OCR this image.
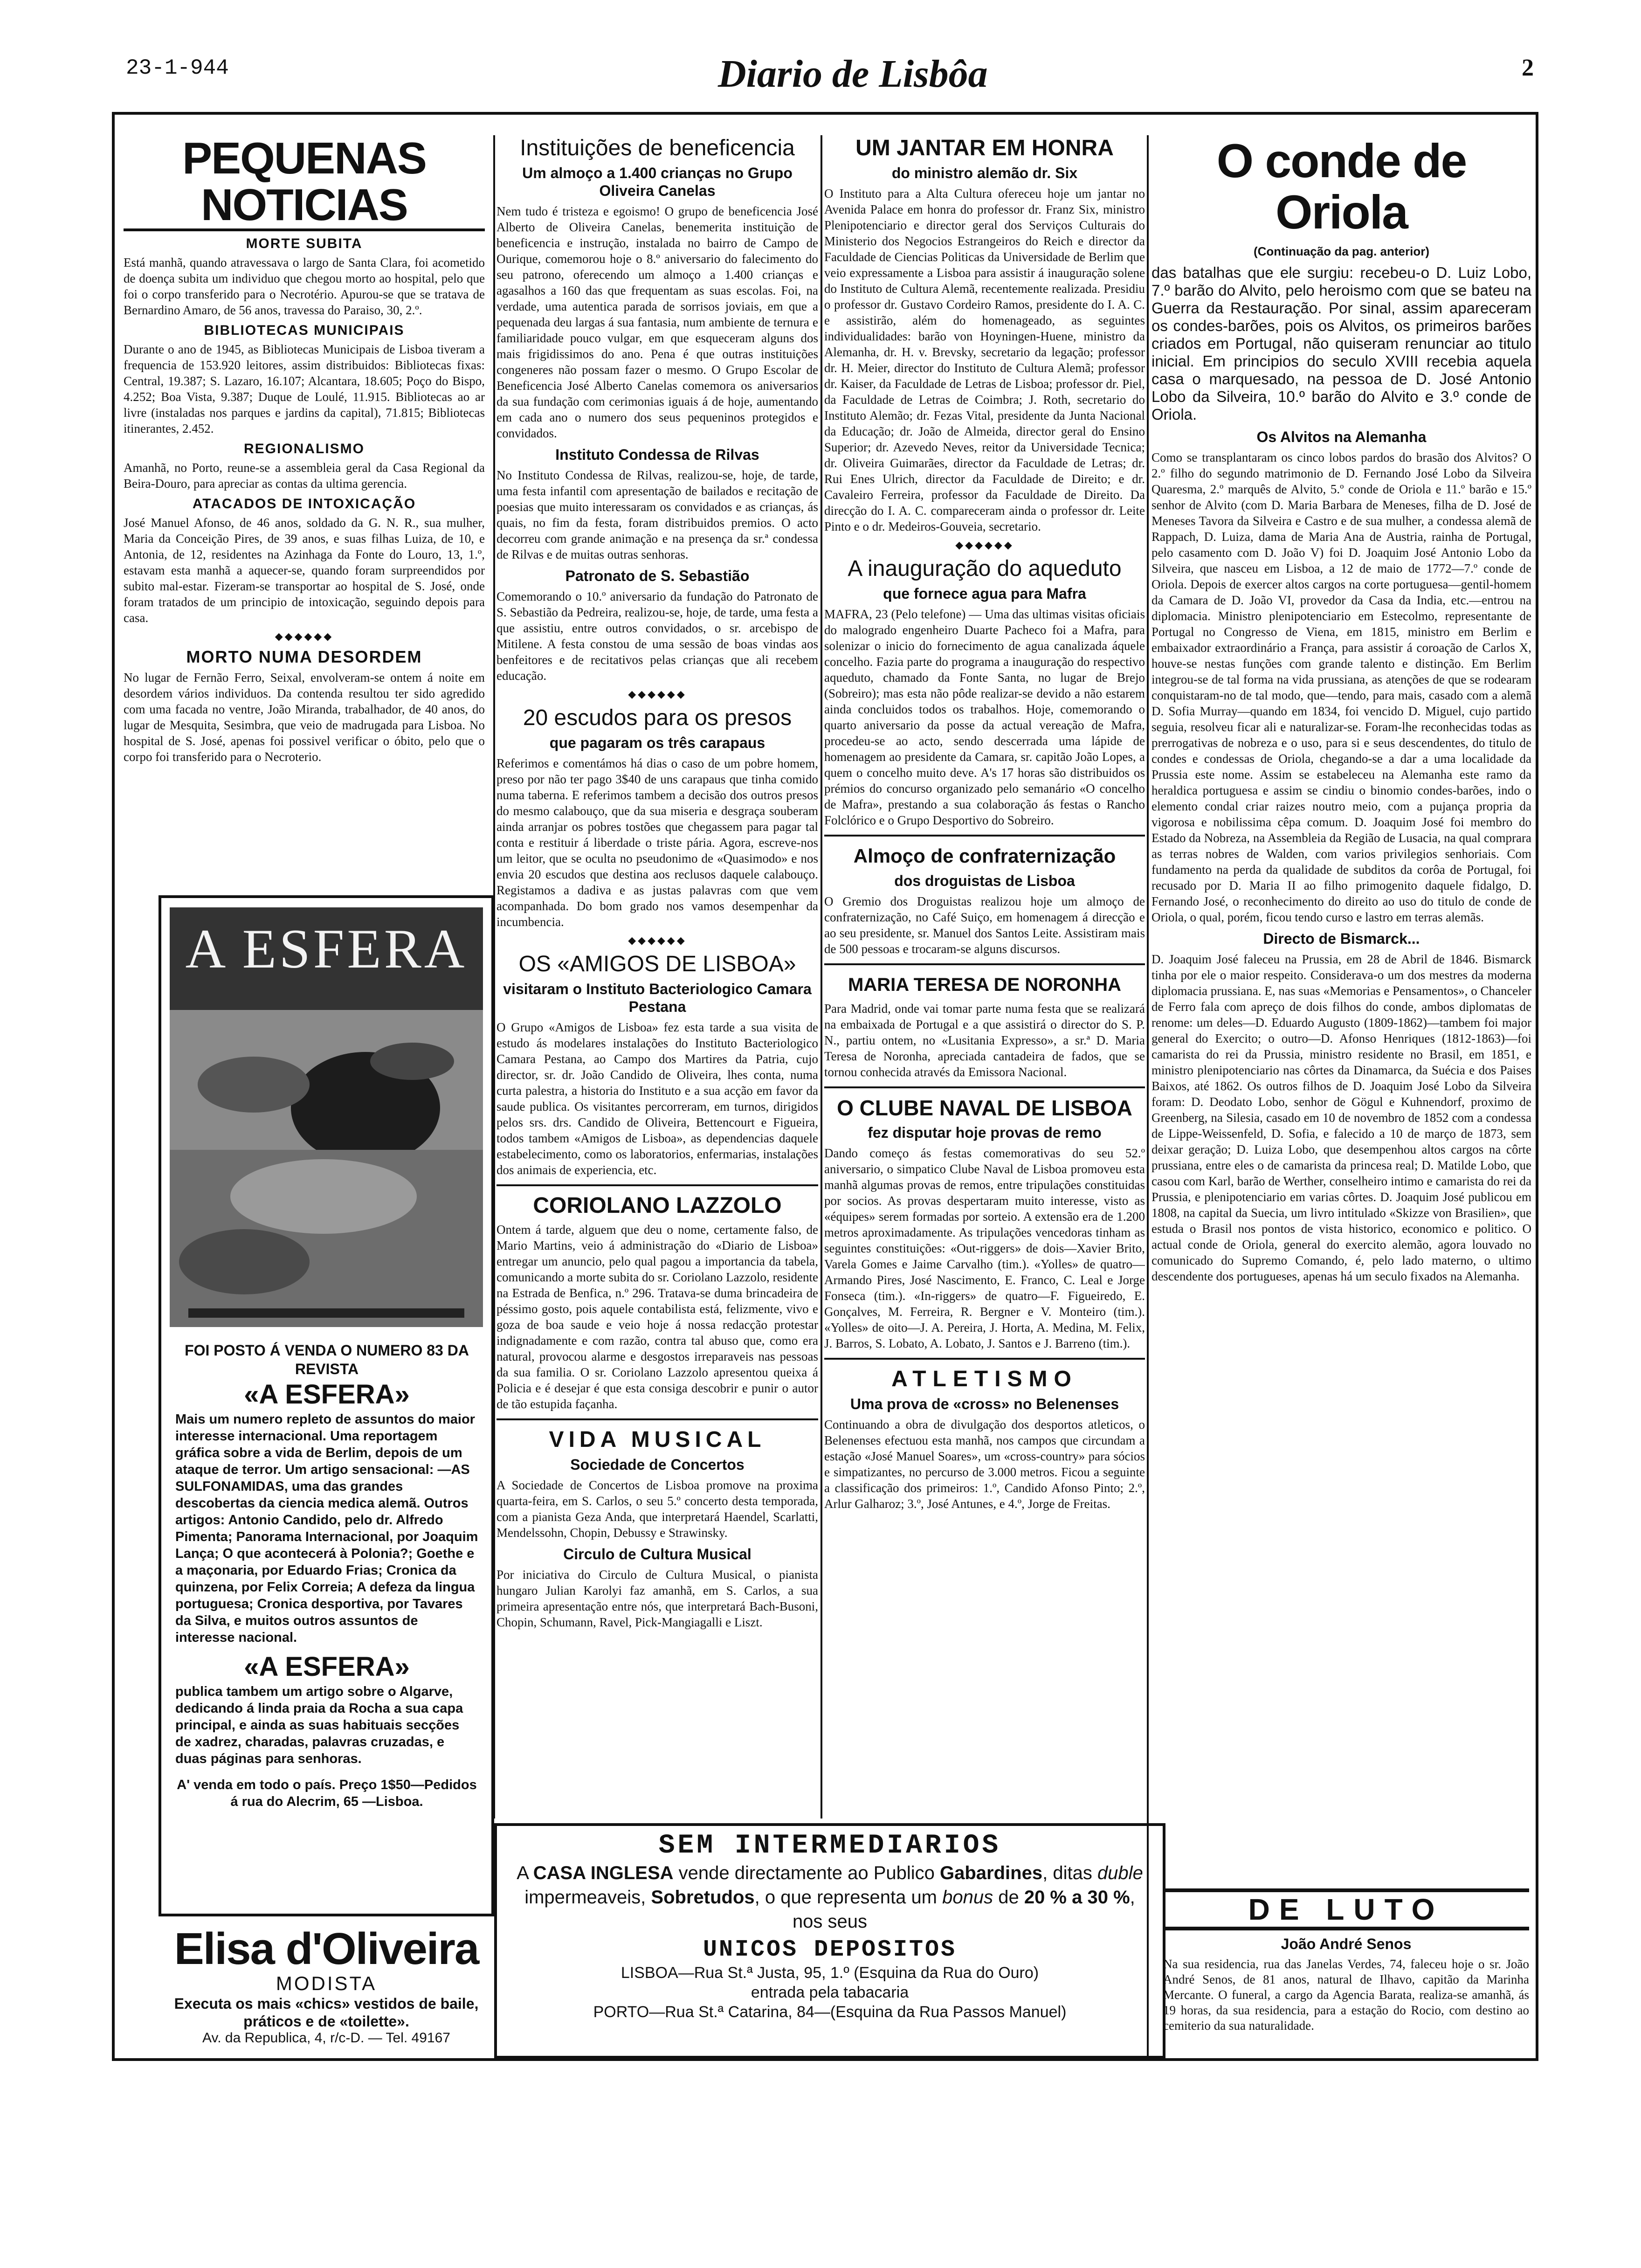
23-1-944	Diario de Lisbôa	2
PEQUENAS NOTICIAS
MORTE SUBITA

Está manhã, quando atravessava o largo de Santa Clara, foi acometido de doença subita um individuo que chegou morto ao hospital, pelo que foi o corpo transferido para o Necrotério. Apurou-se que se tratava de Bernardino Amaro, de 56 anos, travessa do Paraiso, 30, 2.º.

BIBLIOTECAS MUNICIPAIS

Durante o ano de 1945, as Bibliotecas Municipais de Lisboa tiveram a frequencia de 153.920 leitores, assim distribuidos: Bibliotecas fixas: Central, 19.387; S. Lazaro, 16.107; Alcantara, 18.605; Poço do Bispo, 4.252; Boa Vista, 9.387; Duque de Loulé, 11.915. Bibliotecas ao ar livre (instaladas nos parques e jardins da capital), 71.815; Bibliotecas itinerantes, 2.452.

REGIONALISMO

Amanhã, no Porto, reune-se a assembleia geral da Casa Regional da Beira-Douro, para apreciar as contas da ultima gerencia.

ATACADOS DE INTOXICAÇÃO

José Manuel Afonso, de 46 anos, soldado da G. N. R., sua mulher, Maria da Conceição Pires, de 39 anos, e suas filhas Luiza, de 10, e Antonia, de 12, residentes na Azinhaga da Fonte do Louro, 13, 1.º, estavam esta manhã a aquecer-se, quando foram surpreendidos por subito mal-estar. Fizeram-se transportar ao hospital de S. José, onde foram tratados de um principio de intoxicação, seguindo depois para casa.

◆◆◆◆◆◆
MORTO NUMA DESORDEM

No lugar de Fernão Ferro, Seixal, envolveram-se ontem á noite em desordem vários individuos. Da contenda resultou ter sido agredido com uma facada no ventre, João Miranda, trabalhador, de 40 anos, do lugar de Mesquita, Sesimbra, que veio de madrugada para Lisboa. No hospital de S. José, apenas foi possivel verificar o óbito, pelo que o corpo foi transferido para o Necroterio.

A ESFERA
FOI POSTO Á VENDA O NUMERO 83 DA REVISTA
«A ESFERA»
Mais um numero repleto de assuntos do maior interesse internacional. Uma reportagem gráfica sobre a vida de Berlim, depois de um ataque de terror. Um artigo sensacional: —AS SULFONAMIDAS, uma das grandes descobertas da ciencia medica alemã. Outros artigos: Antonio Candido, pelo dr. Alfredo Pimenta; Panorama Internacional, por Joaquim Lança; O que acontecerá à Polonia?; Goethe e a maçonaria, por Eduardo Frias; Cronica da quinzena, por Felix Correia; A defeza da lingua portuguesa; Cronica desportiva, por Tavares da Silva, e muitos outros assuntos de interesse nacional.
«A ESFERA»
publica tambem um artigo sobre o Algarve, dedicando á linda praia da Rocha a sua capa principal, e ainda as suas habituais secções de xadrez, charadas, palavras cruzadas, e duas páginas para senhoras.
A' venda em todo o país. Preço 1$50—Pedidos á rua do Alecrim, 65 —Lisboa.
Elisa d'Oliveira
MODISTA
Executa os mais «chics» vestidos de baile, práticos e de «toilette».
Av. da Republica, 4, r/c-D. — Tel. 49167
Instituições de beneficencia
Um almoço a 1.400 crianças no Grupo Oliveira Canelas

Nem tudo é tristeza e egoismo! O grupo de beneficencia José Alberto de Oliveira Canelas, benemerita instituição de beneficencia e instrução, instalada no bairro de Campo de Ourique, comemorou hoje o 8.º aniversario do falecimento do seu patrono, oferecendo um almoço a 1.400 crianças e agasalhos a 160 das que frequentam as suas escolas. Foi, na verdade, uma autentica parada de sorrisos joviais, em que a pequenada deu largas á sua fantasia, num ambiente de ternura e familiaridade pouco vulgar, em que esqueceram alguns dos mais frigidissimos do ano. Pena é que outras instituições congeneres não possam fazer o mesmo. O Grupo Escolar de Beneficencia José Alberto Canelas comemora os aniversarios da sua fundação com cerimonias iguais á de hoje, aumentando em cada ano o numero dos seus pequeninos protegidos e convidados.

Instituto Condessa de Rilvas

No Instituto Condessa de Rilvas, realizou-se, hoje, de tarde, uma festa infantil com apresentação de bailados e recitação de poesias que muito interessaram os convidados e as crianças, ás quais, no fim da festa, foram distribuidos premios. O acto decorreu com grande animação e na presença da sr.ª condessa de Rilvas e de muitas outras senhoras.

Patronato de S. Sebastião

Comemorando o 10.º aniversario da fundação do Patronato de S. Sebastião da Pedreira, realizou-se, hoje, de tarde, uma festa a que assistiu, entre outros convidados, o sr. arcebispo de Mitilene. A festa constou de uma sessão de boas vindas aos benfeitores e de recitativos pelas crianças que ali recebem educação.

◆◆◆◆◆◆
20 escudos para os presos
que pagaram os três carapaus

Referimos e comentámos há dias o caso de um pobre homem, preso por não ter pago 3$40 de uns carapaus que tinha comido numa taberna. E referimos tambem a decisão dos outros presos do mesmo calabouço, que da sua miseria e desgraça souberam ainda arranjar os pobres tostões que chegassem para pagar tal conta e restituir á liberdade o triste pária. Agora, escreve-nos um leitor, que se oculta no pseudonimo de «Quasimodo» e nos envia 20 escudos que destina aos reclusos daquele calabouço. Registamos a dadiva e as justas palavras com que vem acompanhada. Do bom grado nos vamos desempenhar da incumbencia.

◆◆◆◆◆◆
OS «AMIGOS DE LISBOA»
visitaram o Instituto Bacteriologico Camara Pestana

O Grupo «Amigos de Lisboa» fez esta tarde a sua visita de estudo ás modelares instalações do Instituto Bacteriologico Camara Pestana, ao Campo dos Martires da Patria, cujo director, sr. dr. João Candido de Oliveira, lhes conta, numa curta palestra, a historia do Instituto e a sua acção em favor da saude publica. Os visitantes percorreram, em turnos, dirigidos pelos srs. drs. Candido de Oliveira, Bettencourt e Figueira, todos tambem «Amigos de Lisboa», as dependencias daquele estabelecimento, como os laboratorios, enfermarias, instalações dos animais de experiencia, etc.

CORIOLANO LAZZOLO

Ontem á tarde, alguem que deu o nome, certamente falso, de Mario Martins, veio á administração do «Diario de Lisboa» entregar um anuncio, pelo qual pagou a importancia da tabela, comunicando a morte subita do sr. Coriolano Lazzolo, residente na Estrada de Benfica, n.º 296. Tratava-se duma brincadeira de péssimo gosto, pois aquele contabilista está, felizmente, vivo e goza de boa saude e veio hoje á nossa redacção protestar indignadamente e com razão, contra tal abuso que, como era natural, provocou alarme e desgostos irreparaveis nas pessoas da sua familia. O sr. Coriolano Lazzolo apresentou queixa á Policia e é desejar é que esta consiga descobrir e punir o autor de tão estupida façanha.

VIDA MUSICAL
Sociedade de Concertos

A Sociedade de Concertos de Lisboa promove na proxima quarta-feira, em S. Carlos, o seu 5.º concerto desta temporada, com a pianista Geza Anda, que interpretará Haendel, Scarlatti, Mendelssohn, Chopin, Debussy e Strawinsky.

Circulo de Cultura Musical

Por iniciativa do Circulo de Cultura Musical, o pianista hungaro Julian Karolyi faz amanhã, em S. Carlos, a sua primeira apresentação entre nós, que interpretará Bach-Busoni, Chopin, Schumann, Ravel, Pick-Mangiagalli e Liszt.

UM JANTAR EM HONRA
do ministro alemão dr. Six

O Instituto para a Alta Cultura ofereceu hoje um jantar no Avenida Palace em honra do professor dr. Franz Six, ministro Plenipotenciario e director geral dos Serviços Culturais do Ministerio dos Negocios Estrangeiros do Reich e director da Faculdade de Ciencias Politicas da Universidade de Berlim que veio expressamente a Lisboa para assistir á inauguração solene do Instituto de Cultura Alemã, recentemente realizada. Presidiu o professor dr. Gustavo Cordeiro Ramos, presidente do I. A. C. e assistirão, além do homenageado, as seguintes individualidades: barão von Hoyningen-Huene, ministro da Alemanha, dr. H. v. Brevsky, secretario da legação; professor dr. H. Meier, director do Instituto de Cultura Alemã; professor dr. Kaiser, da Faculdade de Letras de Lisboa; professor dr. Piel, da Faculdade de Letras de Coimbra; J. Roth, secretario do Instituto Alemão; dr. Fezas Vital, presidente da Junta Nacional da Educação; dr. João de Almeida, director geral do Ensino Superior; dr. Azevedo Neves, reitor da Universidade Tecnica; dr. Oliveira Guimarães, director da Faculdade de Letras; dr. Rui Enes Ulrich, director da Faculdade de Direito; e dr. Cavaleiro Ferreira, professor da Faculdade de Direito. Da direcção do I. A. C. compareceram ainda o professor dr. Leite Pinto e o dr. Medeiros-Gouveia, secretario.

◆◆◆◆◆◆
A inauguração do aqueduto
que fornece agua para Mafra

MAFRA, 23 (Pelo telefone) — Uma das ultimas visitas oficiais do malogrado engenheiro Duarte Pacheco foi a Mafra, para solenizar o inicio do fornecimento de agua canalizada áquele concelho. Fazia parte do programa a inauguração do respectivo aqueduto, chamado da Fonte Santa, no lugar de Brejo (Sobreiro); mas esta não pôde realizar-se devido a não estarem ainda concluidos todos os trabalhos. Hoje, comemorando o quarto aniversario da posse da actual vereação de Mafra, procedeu-se ao acto, sendo descerrada uma lápide de homenagem ao presidente da Camara, sr. capitão João Lopes, a quem o concelho muito deve. A's 17 horas são distribuidos os prémios do concurso organizado pelo semanário «O concelho de Mafra», prestando a sua colaboração ás festas o Rancho Folclórico e o Grupo Desportivo do Sobreiro.

Almoço de confraternização
dos droguistas de Lisboa

O Gremio dos Droguistas realizou hoje um almoço de confraternização, no Café Suiço, em homenagem á direcção e ao seu presidente, sr. Manuel dos Santos Leite. Assistiram mais de 500 pessoas e trocaram-se alguns discursos.

MARIA TERESA DE NORONHA

Para Madrid, onde vai tomar parte numa festa que se realizará na embaixada de Portugal e a que assistirá o director do S. P. N., partiu ontem, no «Lusitania Expresso», a sr.ª D. Maria Teresa de Noronha, apreciada cantadeira de fados, que se tornou conhecida através da Emissora Nacional.

O CLUBE NAVAL DE LISBOA
fez disputar hoje provas de remo

Dando começo ás festas comemorativas do seu 52.º aniversario, o simpatico Clube Naval de Lisboa promoveu esta manhã algumas provas de remos, entre tripulações constituidas por socios. As provas despertaram muito interesse, visto as «équipes» serem formadas por sorteio. A extensão era de 1.200 metros aproximadamente. As tripulações vencedoras tinham as seguintes constituições: «Out-riggers» de dois—Xavier Brito, Varela Gomes e Jaime Carvalho (tim.). «Yolles» de quatro—Armando Pires, José Nascimento, E. Franco, C. Leal e Jorge Fonseca (tim.). «In-riggers» de quatro—F. Figueiredo, E. Gonçalves, M. Ferreira, R. Bergner e V. Monteiro (tim.). «Yolles» de oito—J. A. Pereira, J. Horta, A. Medina, M. Felix, J. Barros, S. Lobato, A. Lobato, J. Santos e J. Barreno (tim.).

ATLETISMO
Uma prova de «cross» no Belenenses

Continuando a obra de divulgação dos desportos atleticos, o Belenenses efectuou esta manhã, nos campos que circundam a estação «José Manuel Soares», um «cross-country» para sócios e simpatizantes, no percurso de 3.000 metros. Ficou a seguinte a classificação dos primeiros: 1.º, Candido Afonso Pinto; 2.º, Arlur Galharoz; 3.º, José Antunes, e 4.º, Jorge de Freitas.

SEM INTERMEDIARIOS
A CASA INGLESA vende directamente ao Publico Gabardines, ditas duble impermeaveis, Sobretudos, o que representa um bonus de 20 % a 30 %, nos seus
UNICOS DEPOSITOS
LISBOA—Rua St.ª Justa, 95, 1.º (Esquina da Rua do Ouro)
entrada pela tabacaria
PORTO—Rua St.ª Catarina, 84—(Esquina da Rua Passos Manuel)
O conde de Oriola
(Continuação da pag. anterior)

das batalhas que ele surgiu: recebeu-o D. Luiz Lobo, 7.º barão do Alvito, pelo heroismo com que se bateu na Guerra da Restauração. Por sinal, assim apareceram os condes-barões, pois os Alvitos, os primeiros barões criados em Portugal, não quiseram renunciar ao titulo inicial. Em principios do seculo XVIII recebia aquela casa o marquesado, na pessoa de D. José Antonio Lobo da Silveira, 10.º barão do Alvito e 3.º conde de Oriola.

Os Alvitos na Alemanha

Como se transplantaram os cinco lobos pardos do brasão dos Alvitos? O 2.º filho do segundo matrimonio de D. Fernando José Lobo da Silveira Quaresma, 2.º marquês de Alvito, 5.º conde de Oriola e 11.º barão e 15.º senhor de Alvito (com D. Maria Barbara de Meneses, filha de D. José de Meneses Tavora da Silveira e Castro e de sua mulher, a condessa alemã de Rappach, D. Luiza, dama de Maria Ana de Austria, rainha de Portugal, pelo casamento com D. João V) foi D. Joaquim José Antonio Lobo da Silveira, que nasceu em Lisboa, a 12 de maio de 1772—7.º conde de Oriola. Depois de exercer altos cargos na corte portuguesa—gentil-homem da Camara de D. João VI, provedor da Casa da India, etc.—entrou na diplomacia. Ministro plenipotenciario em Estecolmo, representante de Portugal no Congresso de Viena, em 1815, ministro em Berlim e embaixador extraordinário a França, para assistir á coroação de Carlos X, houve-se nestas funções com grande talento e distinção. Em Berlim integrou-se de tal forma na vida prussiana, as atenções de que se rodearam conquistaram-no de tal modo, que—tendo, para mais, casado com a alemã D. Sofia Murray—quando em 1834, foi vencido D. Miguel, cujo partido seguia, resolveu ficar ali e naturalizar-se. Foram-lhe reconhecidas todas as prerrogativas de nobreza e o uso, para si e seus descendentes, do titulo de condes e condessas de Oriola, chegando-se a dar a uma localidade da Prussia este nome. Assim se estabeleceu na Alemanha este ramo da heraldica portuguesa e assim se cindiu o binomio condes-barões, indo o elemento condal criar raizes noutro meio, com a pujança propria da vigorosa e nobilissima cêpa comum. D. Joaquim José foi membro do Estado da Nobreza, na Assembleia da Região de Lusacia, na qual comprara as terras nobres de Walden, com varios privilegios senhoriais. Com fundamento na perda da qualidade de subditos da corôa de Portugal, foi recusado por D. Maria II ao filho primogenito daquele fidalgo, D. Fernando José, o reconhecimento do direito ao uso do titulo de conde de Oriola, o qual, porém, ficou tendo curso e lastro em terras alemãs.

Directo de Bismarck...

D. Joaquim José faleceu na Prussia, em 28 de Abril de 1846. Bismarck tinha por ele o maior respeito. Considerava-o um dos mestres da moderna diplomacia prussiana. E, nas suas «Memorias e Pensamentos», o Chanceler de Ferro fala com apreço de dois filhos do conde, ambos diplomatas de renome: um deles—D. Eduardo Augusto (1809-1862)—tambem foi major general do Exercito; o outro—D. Afonso Henriques (1812-1863)—foi camarista do rei da Prussia, ministro residente no Brasil, em 1851, e ministro plenipotenciario nas côrtes da Dinamarca, da Suécia e dos Paises Baixos, até 1862. Os outros filhos de D. Joaquim José Lobo da Silveira foram: D. Deodato Lobo, senhor de Gögul e Kuhnendorf, proximo de Greenberg, na Silesia, casado em 10 de novembro de 1852 com a condessa de Lippe-Weissenfeld, D. Sofia, e falecido a 10 de março de 1873, sem deixar geração; D. Luiza Lobo, que desempenhou altos cargos na côrte prussiana, entre eles o de camarista da princesa real; D. Matilde Lobo, que casou com Karl, barão de Werther, conselheiro intimo e camarista do rei da Prussia, e plenipotenciario em varias côrtes. D. Joaquim José publicou em 1808, na capital da Suecia, um livro intitulado «Skizze von Brasilien», que estuda o Brasil nos pontos de vista historico, economico e politico. O actual conde de Oriola, general do exercito alemão, agora louvado no comunicado do Supremo Comando, é, pelo lado materno, o ultimo descendente dos portugueses, apenas há um seculo fixados na Alemanha.

DE LUTO
João André Senos

Na sua residencia, rua das Janelas Verdes, 74, faleceu hoje o sr. João André Senos, de 81 anos, natural de Ilhavo, capitão da Marinha Mercante. O funeral, a cargo da Agencia Barata, realiza-se amanhã, ás 19 horas, da sua residencia, para a estação do Rocio, com destino ao cemiterio da sua naturalidade.
